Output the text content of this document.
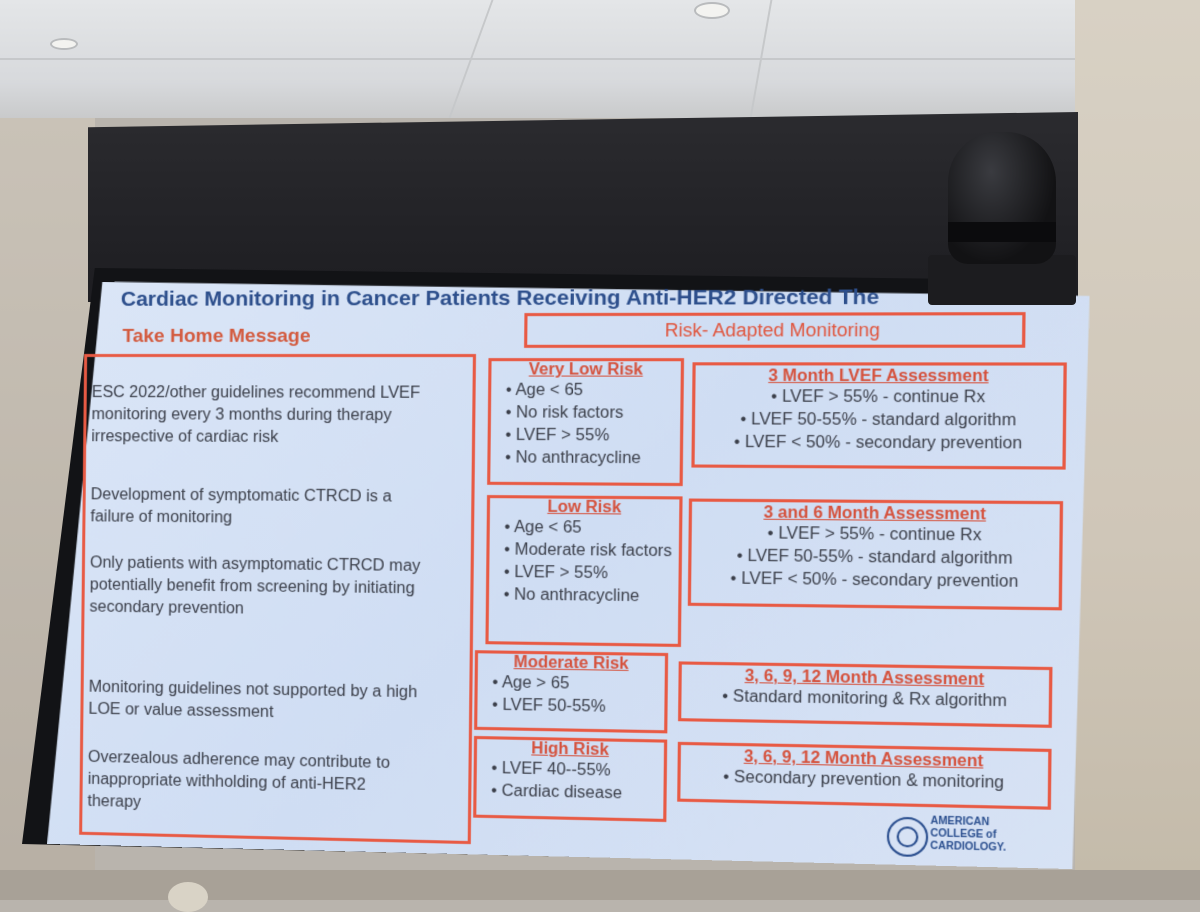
Cardiac Monitoring in Cancer Patients Receiving Anti-HER2 Directed The
Take Home Message	Risk- Adapted Monitoring
ESC 2022/other guidelines recommend LVEF monitoring every 3 months during therapy irrespective of cardiac risk
Development of symptomatic CTRCD is a failure of monitoring
Only patients with asymptomatic CTRCD may potentially benefit from screening by initiating secondary prevention
Monitoring guidelines not supported by a high LOE or value assessment
Overzealous adherence may contribute to inappropriate withholding of anti-HER2 therapy
Very Low Risk
• Age < 65
• No risk factors
• LVEF > 55%
• No anthracycline
Low Risk
• Age < 65
• Moderate risk factors
• LVEF > 55%
• No anthracycline
Moderate Risk
• Age > 65
• LVEF 50-55%
High Risk
• LVEF 40--55%
• Cardiac disease
3 Month LVEF Assessment
• LVEF > 55% - continue Rx
• LVEF 50-55% - standard algorithm
• LVEF < 50% - secondary prevention
3 and 6 Month Assessment
• LVEF > 55% - continue Rx
• LVEF 50-55% - standard algorithm
• LVEF < 50% - secondary prevention
3, 6, 9, 12 Month Assessment
• Standard monitoring & Rx algorithm
3, 6, 9, 12 Month Assessment
• Secondary prevention & monitoring
AMERICAN
COLLEGE of
CARDIOLOGY.
